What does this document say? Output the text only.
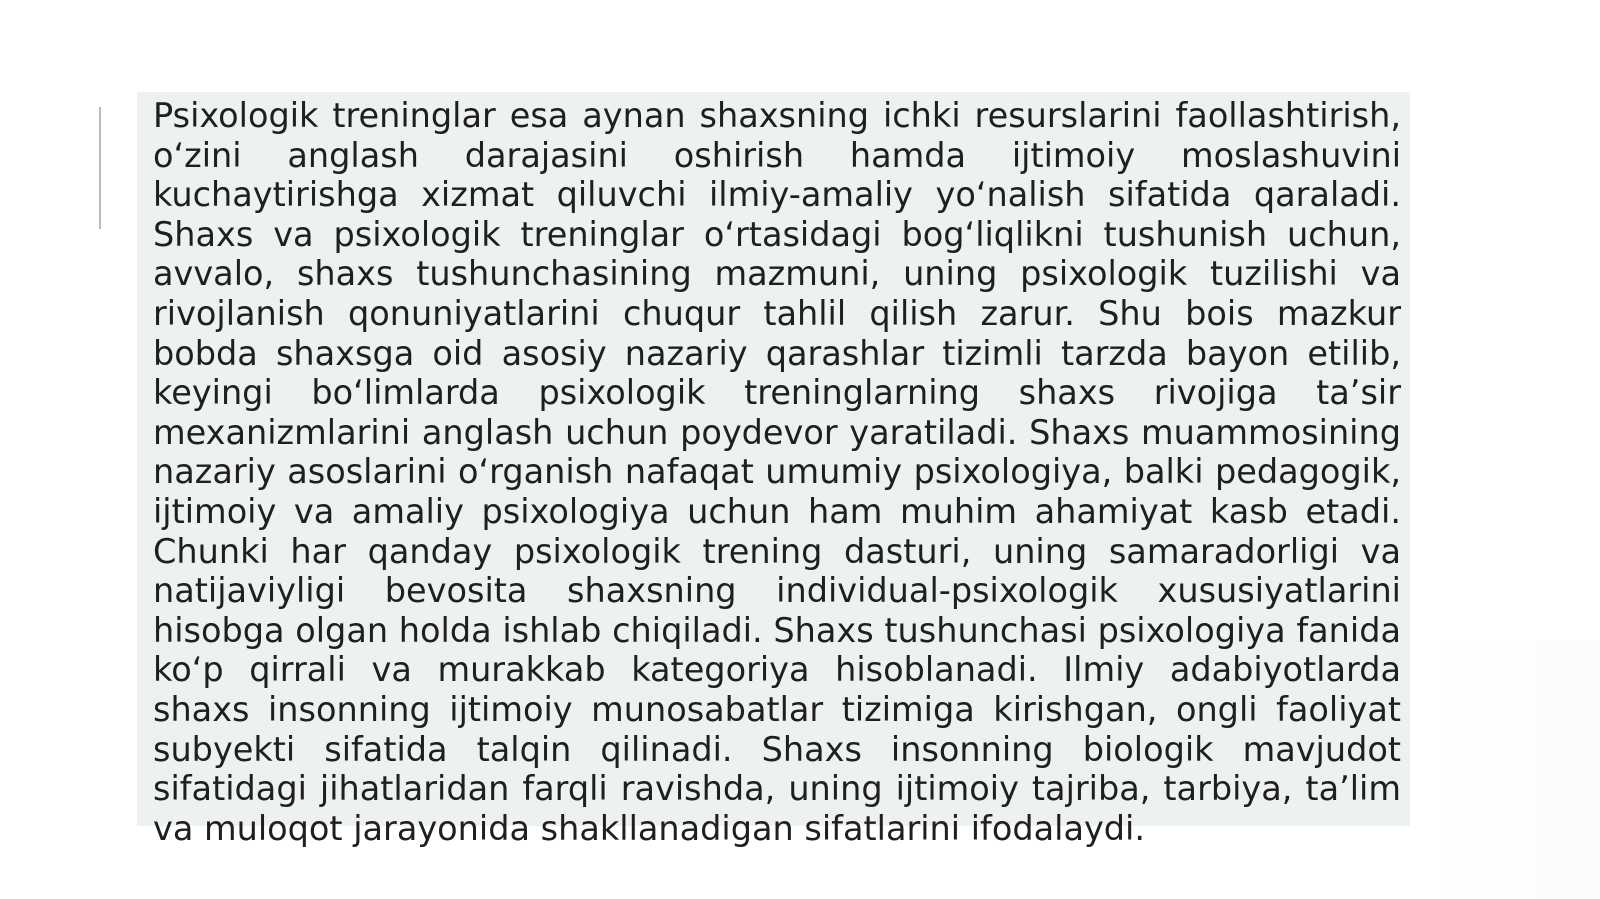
Psixologik treninglar esa aynan shaxsning ichki resurslarini faollashtirish, o‘zini anglash darajasini oshirish hamda ijtimoiy moslashuvini kuchaytirishga xizmat qiluvchi ilmiy-amaliy yo‘nalish sifatida qaraladi. Shaxs va psixologik treninglar o‘rtasidagi bog‘liqlikni tushunish uchun, avvalo, shaxs tushunchasining mazmuni, uning psixologik tuzilishi va rivojlanish qonuniyatlarini chuqur tahlil qilish zarur. Shu bois mazkur bobda shaxsga oid asosiy nazariy qarashlar tizimli tarzda bayon etilib, keyingi bo‘limlarda psixologik treninglarning shaxs rivojiga ta’sir mexanizmlarini anglash uchun poydevor yaratiladi. Shaxs muammosining nazariy asoslarini o‘rganish nafaqat umumiy psixologiya, balki pedagogik, ijtimoiy va amaliy psixologiya uchun ham muhim ahamiyat kasb etadi. Chunki har qanday psixologik trening dasturi, uning samaradorligi va natijaviyligi bevosita shaxsning individual-psixologik xususiyatlarini hisobga olgan holda ishlab chiqiladi. Shaxs tushunchasi psixologiya fanida ko‘p qirrali va murakkab kategoriya hisoblanadi. Ilmiy adabiyotlarda shaxs insonning ijtimoiy munosabatlar tizimiga kirishgan, ongli faoliyat subyekti sifatida talqin qilinadi. Shaxs insonning biologik mavjudot sifatidagi jihatlaridan farqli ravishda, uning ijtimoiy tajriba, tarbiya, ta’lim va muloqot jarayonida shakllanadigan sifatlarini ifodalaydi.
